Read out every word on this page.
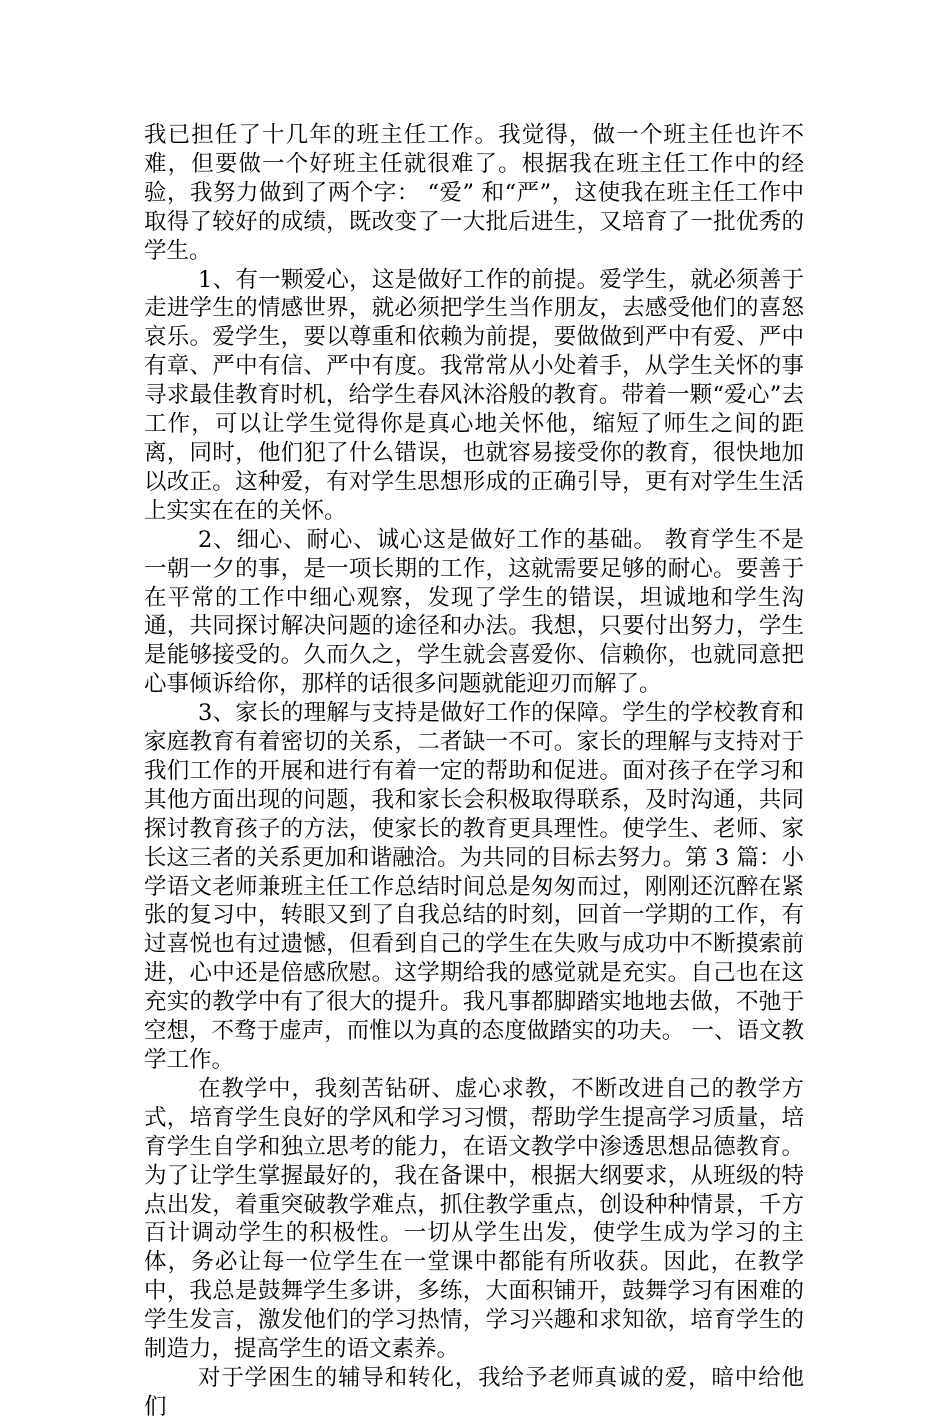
我已担任了十几年的班主任工作。我觉得，做一个班主任也许不难，但要做一个好班主任就很难了。根据我在班主任工作中的经验，我努力做到了两个字： “爱” 和“严”，这使我在班主任工作中取得了较好的成绩，既改变了一大批后进生，又培育了一批优秀的学生。

1、有一颗爱心，这是做好工作的前提。爱学生，就必须善于走进学生的情感世界，就必须把学生当作朋友，去感受他们的喜怒哀乐。爱学生，要以尊重和依赖为前提，要做做到严中有爱、严中有章、严中有信、严中有度。我常常从小处着手，从学生关怀的事寻求最佳教育时机，给学生春风沐浴般的教育。带着一颗“爱心”去工作，可以让学生觉得你是真心地关怀他，缩短了师生之间的距离，同时，他们犯了什么错误，也就容易接受你的教育，很快地加以改正。这种爱，有对学生思想形成的正确引导，更有对学生生活上实实在在的关怀。

2、细心、耐心、诚心这是做好工作的基础。 教育学生不是一朝一夕的事，是一项长期的工作，这就需要足够的耐心。要善于在平常的工作中细心观察，发现了学生的错误，坦诚地和学生沟通，共同探讨解决问题的途径和办法。我想，只要付出努力，学生是能够接受的。久而久之，学生就会喜爱你、信赖你，也就同意把心事倾诉给你，那样的话很多问题就能迎刃而解了。

3、家长的理解与支持是做好工作的保障。学生的学校教育和家庭教育有着密切的关系，二者缺一不可。家长的理解与支持对于我们工作的开展和进行有着一定的帮助和促进。面对孩子在学习和其他方面出现的问题，我和家长会积极取得联系，及时沟通，共同探讨教育孩子的方法，使家长的教育更具理性。使学生、老师、家长这三者的关系更加和谐融洽。为共同的目标去努力。第 3 篇：小学语文老师兼班主任工作总结时间总是匆匆而过，刚刚还沉醉在紧张的复习中，转眼又到了自我总结的时刻，回首一学期的工作，有过喜悦也有过遗憾，但看到自己的学生在失败与成功中不断摸索前进，心中还是倍感欣慰。这学期给我的感觉就是充实。自己也在这充实的教学中有了很大的提升。我凡事都脚踏实地地去做，不弛于空想，不骛于虚声，而惟以为真的态度做踏实的功夫。 一、语文教学工作。

在教学中，我刻苦钻研、虚心求教，不断改进自己的教学方式，培育学生良好的学风和学习习惯，帮助学生提高学习质量，培育学生自学和独立思考的能力，在语文教学中渗透思想品德教育。为了让学生掌握最好的，我在备课中，根据大纲要求，从班级的特点出发，着重突破教学难点，抓住教学重点，创设种种情景，千方百计调动学生的积极性。一切从学生出发，使学生成为学习的主体，务必让每一位学生在一堂课中都能有所收获。因此，在教学中，我总是鼓舞学生多讲，多练，大面积铺开，鼓舞学习有困难的学生发言，激发他们的学习热情，学习兴趣和求知欲，培育学生的制造力，提高学生的语文素养。

对于学困生的辅导和转化，我给予老师真诚的爱，暗中给他们
